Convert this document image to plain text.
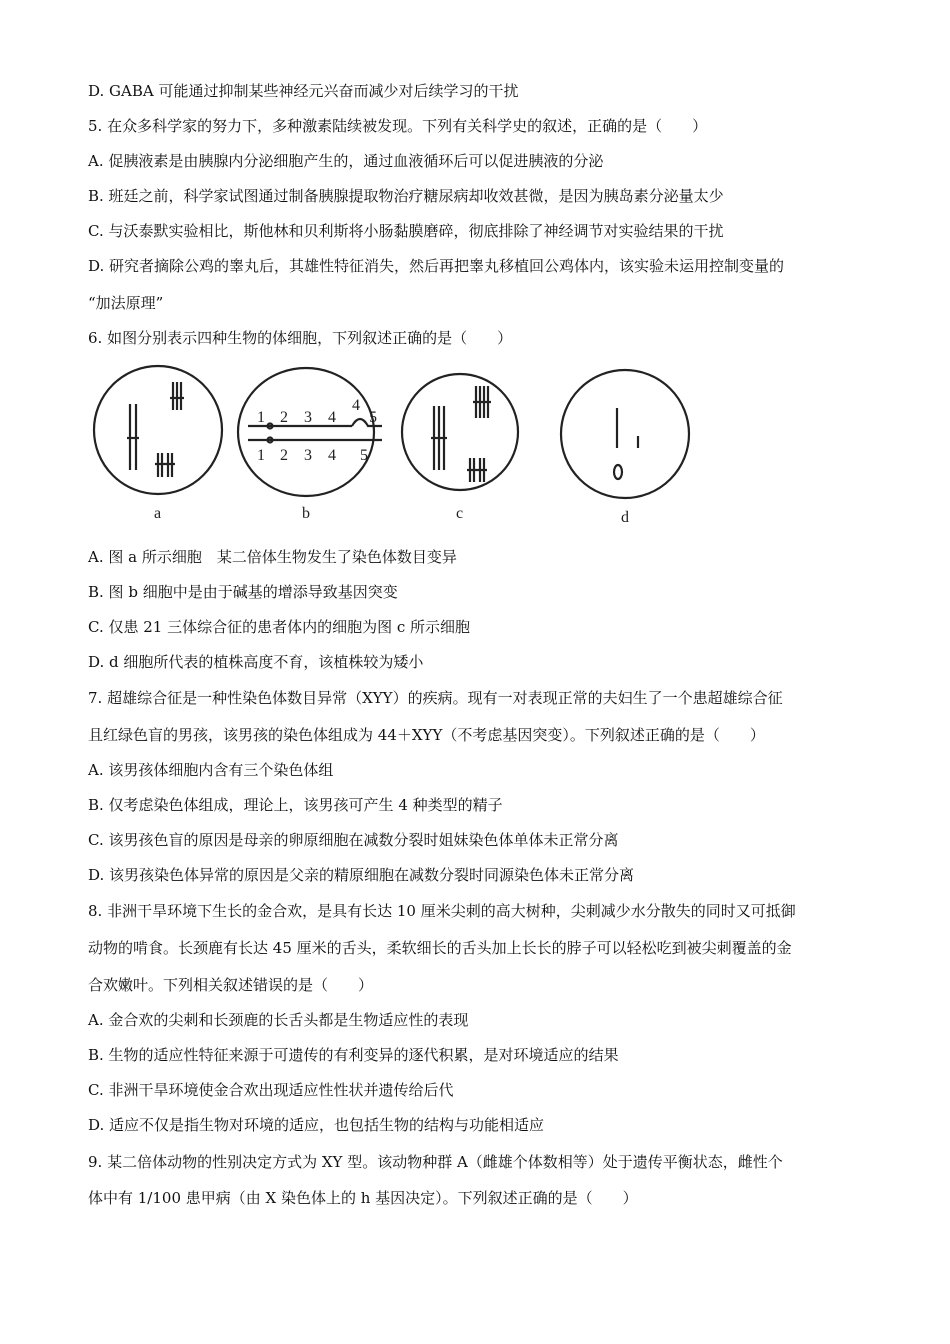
D. GABA 可能通过抑制某些神经元兴奋而减少对后续学习的干扰
5. 在众多科学家的努力下，多种激素陆续被发现。下列有关科学史的叙述，正确的是（　　）
A. 促胰液素是由胰腺内分泌细胞产生的，通过血液循环后可以促进胰液的分泌
B. 班廷之前，科学家试图通过制备胰腺提取物治疗糖尿病却收效甚微，是因为胰岛素分泌量太少
C. 与沃泰默实验相比，斯他林和贝利斯将小肠黏膜磨碎，彻底排除了神经调节对实验结果的干扰
D. 研究者摘除公鸡的睾丸后，其雄性特征消失，然后再把睾丸移植回公鸡体内，该实验未运用控制变量的
“加法原理”
6. 如图分别表示四种生物的体细胞，下列叙述正确的是（　　）
1 2 3 4
4
5
1 2 3 4 5
a	b	c	d
A. 图 a 所示细胞　某二倍体生物发生了染色体数目变异
B. 图 b 细胞中是由于碱基的增添导致基因突变
C. 仅患 21 三体综合征的患者体内的细胞为图 c 所示细胞
D. d 细胞所代表的植株高度不育，该植株较为矮小
7. 超雄综合征是一种性染色体数目异常（XYY）的疾病。现有一对表现正常的夫妇生了一个患超雄综合征
且红绿色盲的男孩，该男孩的染色体组成为 44＋XYY（不考虑基因突变）。下列叙述正确的是（　　）
A. 该男孩体细胞内含有三个染色体组
B. 仅考虑染色体组成，理论上，该男孩可产生 4 种类型的精子
C. 该男孩色盲的原因是母亲的卵原细胞在减数分裂时姐妹染色体单体未正常分离
D. 该男孩染色体异常的原因是父亲的精原细胞在减数分裂时同源染色体未正常分离
8. 非洲干旱环境下生长的金合欢，是具有长达 10 厘米尖刺的高大树种，尖刺减少水分散失的同时又可抵御
动物的啃食。长颈鹿有长达 45 厘米的舌头，柔软细长的舌头加上长长的脖子可以轻松吃到被尖刺覆盖的金
合欢嫩叶。下列相关叙述错误的是（　　）
A. 金合欢的尖刺和长颈鹿的长舌头都是生物适应性的表现
B. 生物的适应性特征来源于可遗传的有利变异的逐代积累，是对环境适应的结果
C. 非洲干旱环境使金合欢出现适应性性状并遗传给后代
D. 适应不仅是指生物对环境的适应，也包括生物的结构与功能相适应
9. 某二倍体动物的性别决定方式为 XY 型。该动物种群 A（雌雄个体数相等）处于遗传平衡状态，雌性个
体中有 1/100 患甲病（由 X 染色体上的 h 基因决定）。下列叙述正确的是（　　）
